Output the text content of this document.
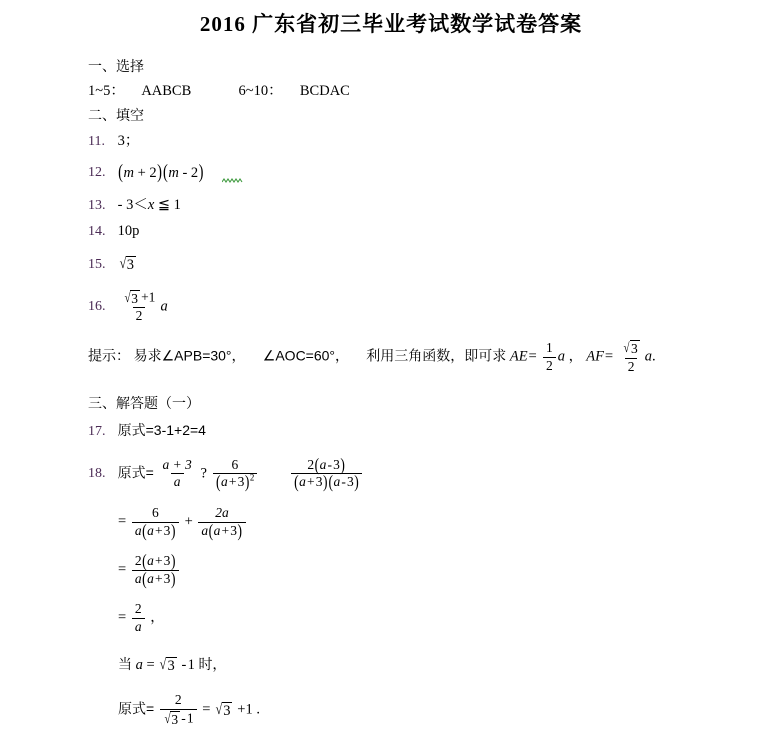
2016 广东省初三毕业考试数学试卷答案
一、选择
1~5： AABCB	6~10： BCDAC
二、填空
11. 3；
12. ( m + 2 ) ( m - 2 )

13. - 3＜x ≦ 1
14. 10p
15. √ 3
16. $\frac{√ 3 +1}{2}$ a
提示： 易求∠APB=30°， ∠AOC=60°， 利用三角函数，即可求 $AE= \frac{1}{2}$ a ， $AF= \frac{√ 3}{2} a$.
三、解答题（一）
17. 原式=3-1+2=4
18. 原式= $\frac{a + 3}{a}$ ? $\frac{6}{(a + 3)^2}$
$\frac{2(a - 3)}{(a + 3)(a - 3)}$
= $\frac{6}{a(a + 3)} + \frac{2a}{a(a + 3)}$
= $\frac{2(a + 3)}{a(a + 3)}$
= $\frac{2}{a}$ ，
当 a = √ 3  - 1 时，
原式= $\frac{2}{√ 3 - 1}$ = √ 3  +1 .
